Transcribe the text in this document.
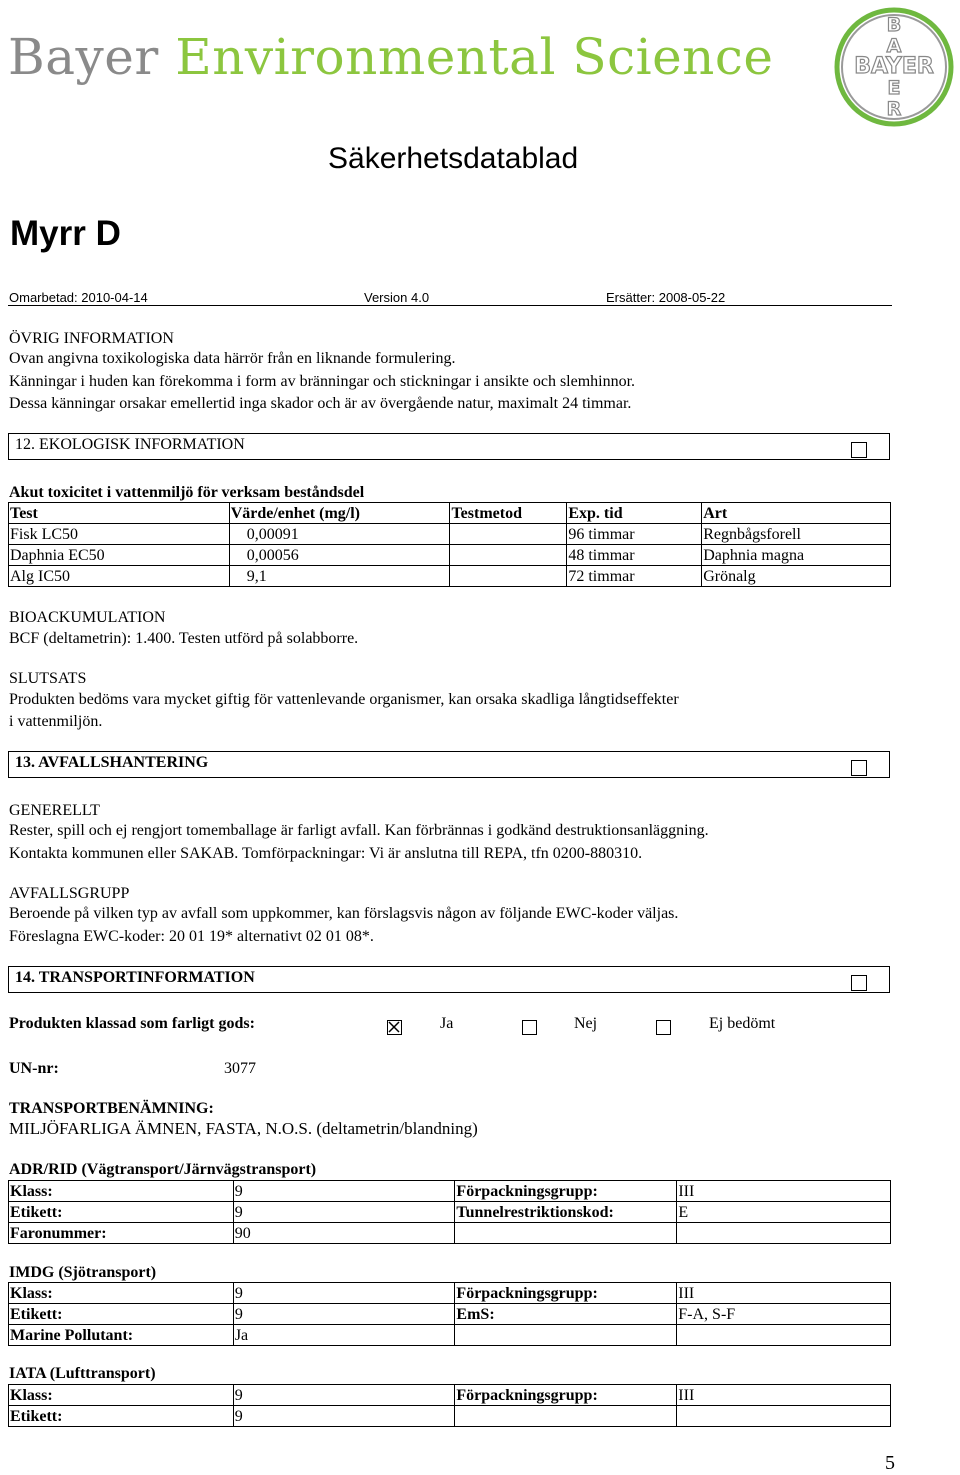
Bayer Environmental Science	BAYER
B
A
E
R
Säkerhetsdatablad
Myrr D
Omarbetad: 2010-04-14	Version 4.0	Ersätter: 2008-05-22
ÖVRIG INFORMATION
Ovan angivna toxikologiska data härrör från en liknande formulering.
Känningar i huden kan förekomma i form av bränningar och stickningar i ansikte och slemhinnor.
Dessa känningar orsakar emellertid inga skador och är av övergående natur, maximalt 24 timmar.
12. EKOLOGISK INFORMATION
Akut toxicitet i vattenmiljö för verksam beståndsdel
Test	Värde/enhet (mg/l)	Testmetod	Exp. tid	Art
Fisk LC50	0,00091		96 timmar	Regnbågsforell
Daphnia EC50	0,00056		48 timmar	Daphnia magna
Alg IC50	9,1		72 timmar	Grönalg
BIOACKUMULATION
BCF (deltametrin): 1.400. Testen utförd på solabborre.
SLUTSATS
Produkten bedöms vara mycket giftig för vattenlevande organismer, kan orsaka skadliga långtidseffekter
i vattenmiljön.
13. AVFALLSHANTERING
GENERELLT
Rester, spill och ej rengjort tomemballage är farligt avfall. Kan förbrännas i godkänd destruktionsanläggning.
Kontakta kommunen eller SAKAB. Tomförpackningar: Vi är anslutna till REPA, tfn 0200-880310.
AVFALLSGRUPP
Beroende på vilken typ av avfall som uppkommer, kan förslagsvis någon av följande EWC-koder väljas.
Föreslagna EWC-koder: 20 01 19* alternativt 02 01 08*.
14. TRANSPORTINFORMATION
Produkten klassad som farligt gods:	Ja	Nej	Ej bedömt
UN-nr:	3077
TRANSPORTBENÄMNING:
MILJÖFARLIGA ÄMNEN, FASTA, N.O.S. (deltametrin/blandning)
ADR/RID (Vägtransport/Järnvägstransport)
Klass:	9	Förpackningsgrupp:	III
Etikett:	9	Tunnelrestriktionskod:	E
Faronummer:	90		
IMDG (Sjötransport)
Klass:	9	Förpackningsgrupp:	III
Etikett:	9	EmS:	F-A, S-F
Marine Pollutant:	Ja		
IATA (Lufttransport)
Klass:	9	Förpackningsgrupp:	III
Etikett:	9		
5
